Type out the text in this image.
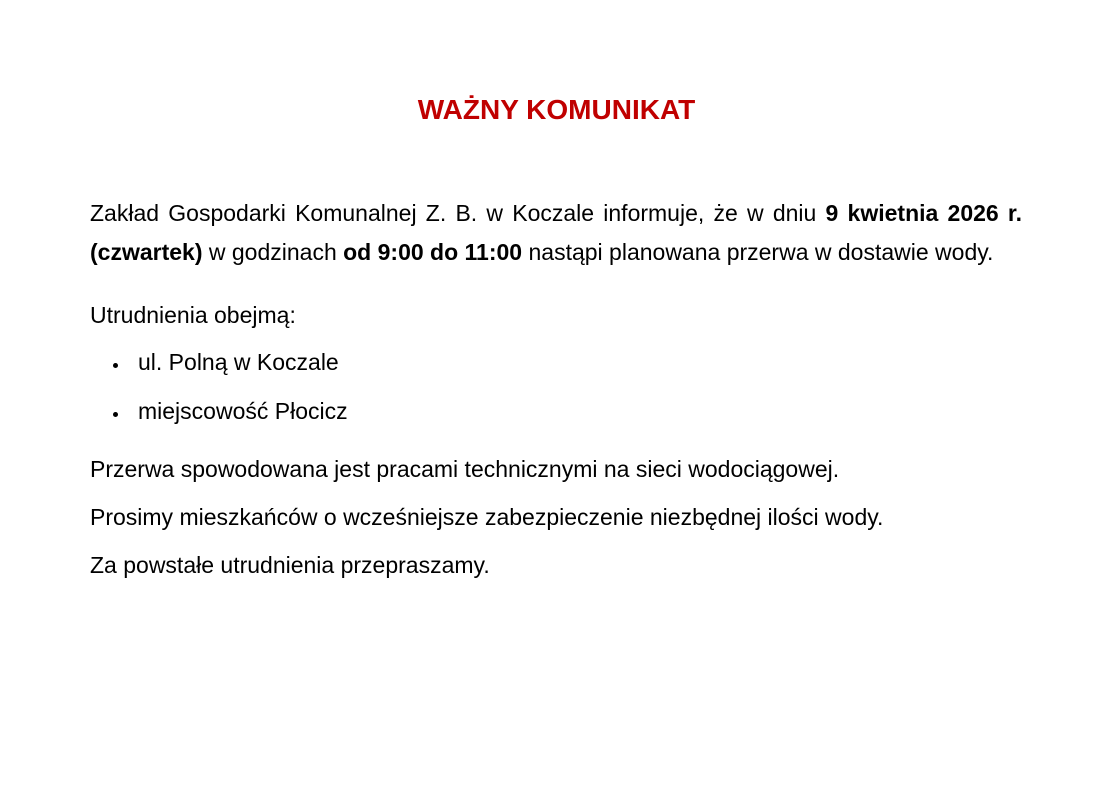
WAŻNY KOMUNIKAT

Zakład Gospodarki Komunalnej Z. B. w Koczale informuje, że w dniu 9 kwietnia 2026 r. (czwartek) w godzinach od 9:00 do 11:00 nastąpi planowana przerwa w dostawie wody.

Utrudnienia obejmą:

ul. Polną w Koczale
miejscowość Płocicz

Przerwa spowodowana jest pracami technicznymi na sieci wodociągowej.

Prosimy mieszkańców o wcześniejsze zabezpieczenie niezbędnej ilości wody.

Za powstałe utrudnienia przepraszamy.
